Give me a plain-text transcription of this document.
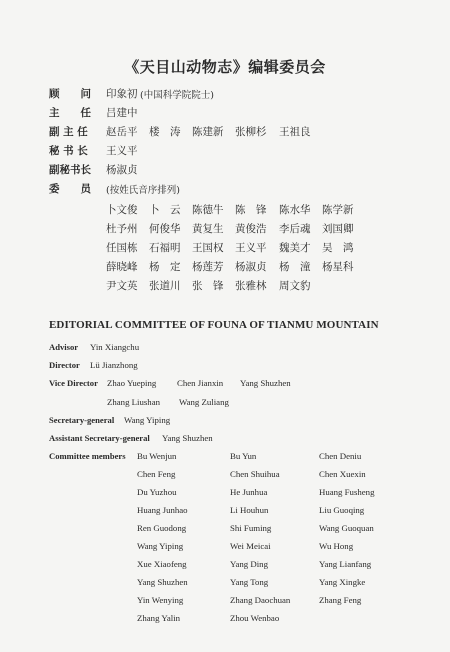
《天目山动物志》编辑委员会
顾　　问 印象初 (中国科学院院士)
主　　任 吕建中
副 主 任 赵岳平 楼　涛 陈建新 张柳杉 王祖良
秘 书 长 王义平
副秘书长 杨淑贞
委　　员 (按姓氏音序排列)
卜文俊 卜　云 陈德牛 陈　锋 陈水华 陈学新
杜予州 何俊华 黄复生 黄俊浩 李后魂 刘国卿
任国栋 石福明 王国权 王义平 魏美才 吴　鸿
薛晓峰 杨　定 杨莲芳 杨淑贞 杨　潼 杨星科
尹文英 张道川 张　锋 张雅林 周文豹
EDITORIAL COMMITTEE OF FOUNA OF TIANMU MOUNTAIN
Advisor Yin Xiangchu
Director Lü Jianzhong
Vice Director Zhao Yueping Chen Jianxin Yang Shuzhen
Zhang Liushan Wang Zuliang
Secretary-general Wang Yiping
Assistant Secretary-general Yang Shuzhen
Committee members Bu Wenjun	Bu Yun	Chen Deniu
Chen Feng	Chen Shuihua	Chen Xuexin
Du Yuzhou	He Junhua	Huang Fusheng
Huang Junhao	Li Houhun	Liu Guoqing
Ren Guodong	Shi Fuming	Wang Guoquan
Wang Yiping	Wei Meicai	Wu Hong
Xue Xiaofeng	Yang Ding	Yang Lianfang
Yang Shuzhen	Yang Tong	Yang Xingke
Yin Wenying	Zhang Daochuan	Zhang Feng
Zhang Yalin	Zhou Wenbao
